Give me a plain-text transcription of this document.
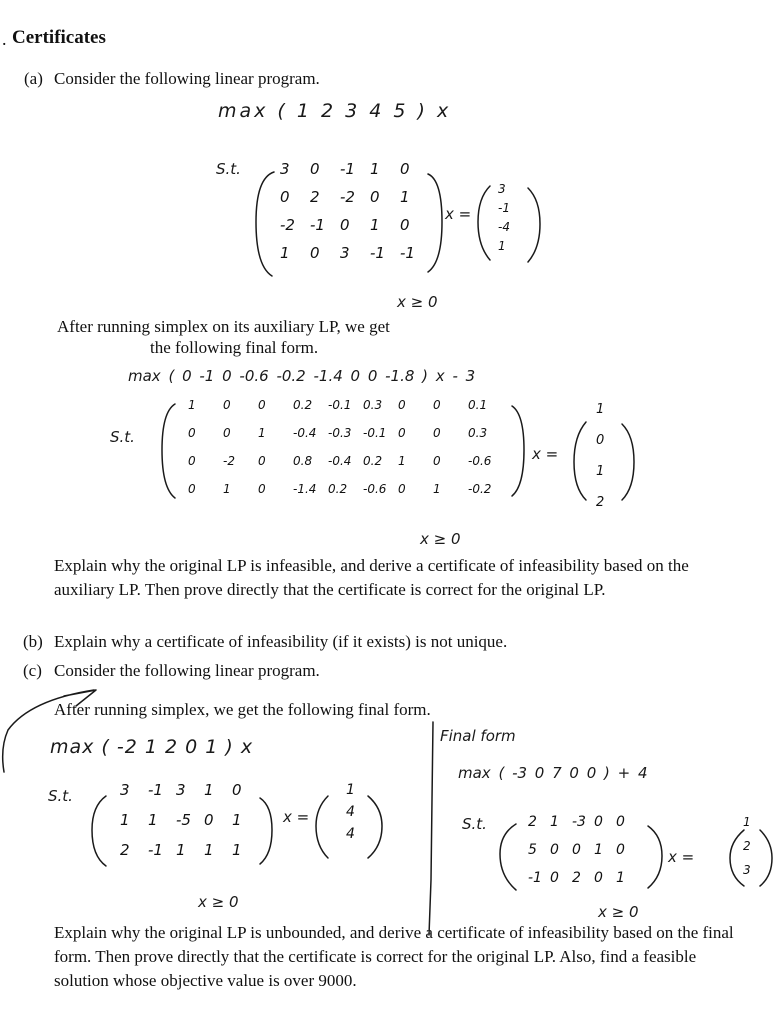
. Certificates
(a) Consider the following linear program.
max ( 1 2 3 4 5 ) x
S.t.	3 0 -1 1 0
0 2 -2 0 1
-2 -1 0 1 0
1 0 3 -1 -1
x =
3
-1
-4
1
x ≥ 0
After running simplex on its auxiliary LP, we get
the following final form.
max ( 0 -1 0 -0.6 -0.2 -1.4 0 0 -1.8 ) x - 3
S.t.
1 0 0 0.2 -0.1 0.3 0 0 0.1
0 0 1 -0.4 -0.3 -0.1 0 0 0.3
0 -2 0 0.8 -0.4 0.2 1 0 -0.6
0 1 0 -1.4 0.2 -0.6 0 1 -0.2
x =
1
0
1
2
x ≥ 0
Explain why the original LP is infeasible, and derive a certificate of infeasibility based on the auxiliary LP. Then prove directly that the certificate is correct for the original LP.
(b) Explain why a certificate of infeasibility (if it exists) is not unique.
(c) Consider the following linear program.
After running simplex, we get the following final form.
max ( -2 1 2 0 1 ) x
S.t.	3 -1 3 1 0
1 1 -5 0 1
2 -1 1 1 1
x =
1
4
4
x ≥ 0
Final form
max ( -3 0 7 0 0 ) + 4
S.t.	2 1 -3 0 0
5 0 0 1 0
-1 0 2 0 1
x =
1
2
3
x ≥ 0
Explain why the original LP is unbounded, and derive a certificate of infeasibility based on the final form. Then prove directly that the certificate is correct for the original LP. Also, find a feasible solution whose objective value is over 9000.
